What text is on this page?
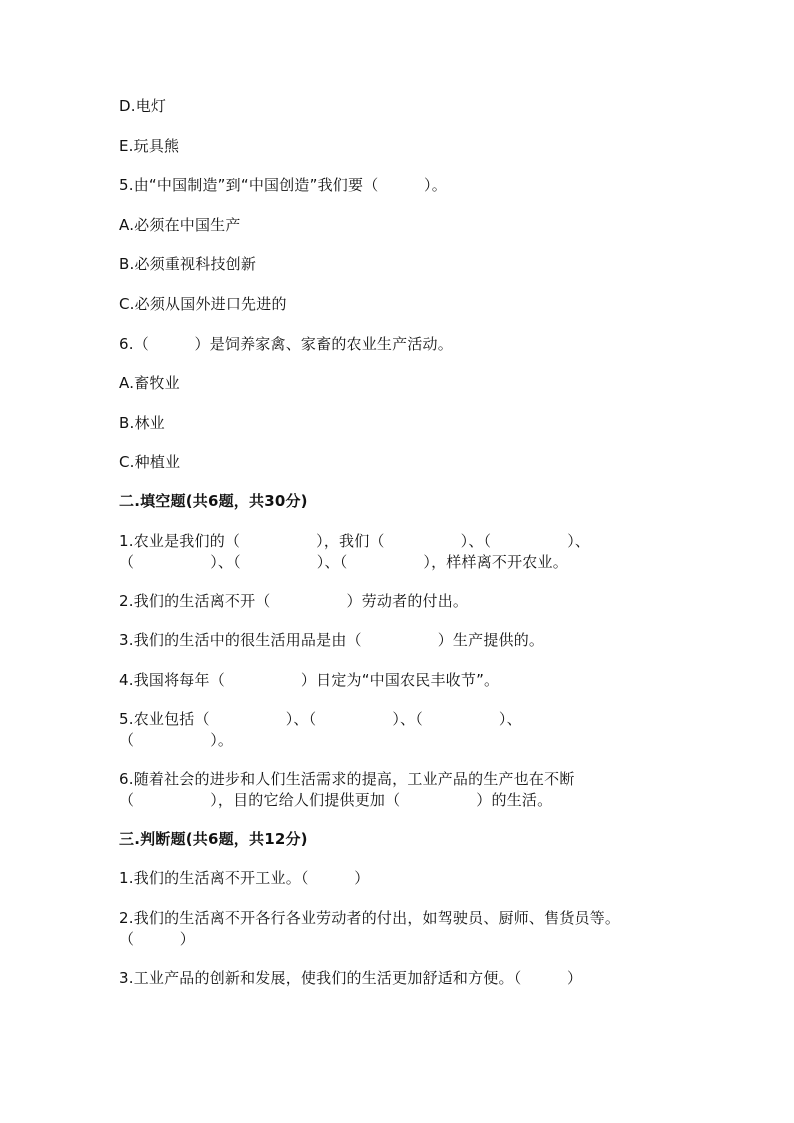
D.电灯
E.玩具熊
5.由“中国制造”到“中国创造”我们要（　　　）。
A.必须在中国生产
B.必须重视科技创新
C.必须从国外进口先进的
6.（　　　）是饲养家禽、家畜的农业生产活动。
A.畜牧业
B.林业
C.种植业
二.填空题(共6题，共30分)
1.农业是我们的（　　　　　），我们（　　　　　）、（　　　　　）、
（　　　　　）、（　　　　　）、（　　　　　），样样离不开农业。
2.我们的生活离不开（　　　　　）劳动者的付出。
3.我们的生活中的很生活用品是由（　　　　　）生产提供的。
4.我国将每年（　　　　　）日定为“中国农民丰收节”。
5.农业包括（　　　　　）、（　　　　　）、（　　　　　）、
（　　　　　）。
6.随着社会的进步和人们生活需求的提高，工业产品的生产也在不断
（　　　　　），目的它给人们提供更加（　　　　　）的生活。
三.判断题(共6题，共12分)
1.我们的生活离不开工业。（　　　）
2.我们的生活离不开各行各业劳动者的付出，如驾驶员、厨师、售货员等。
（　　　）
3.工业产品的创新和发展，使我们的生活更加舒适和方便。（　　　）
